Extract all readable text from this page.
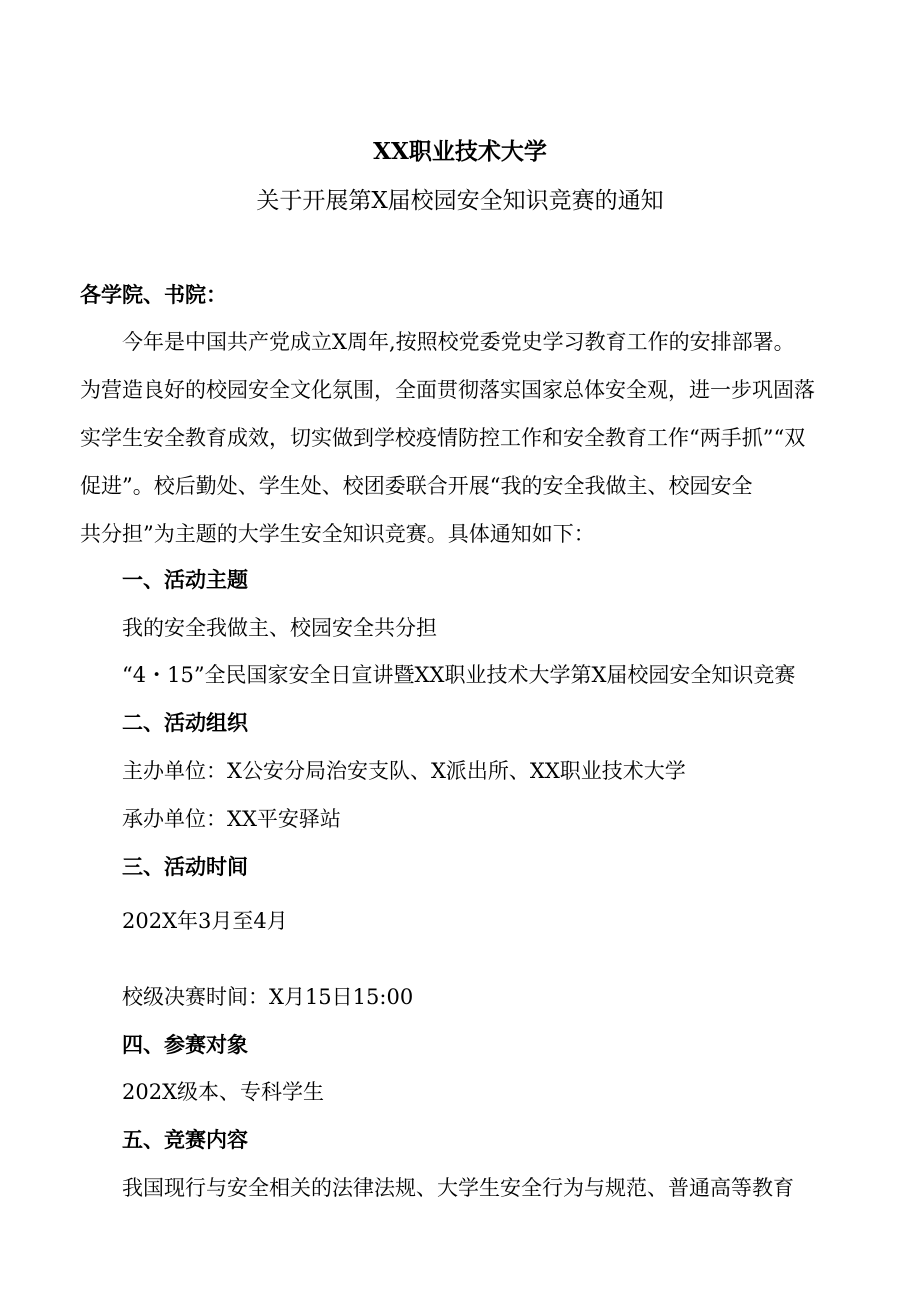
XX职业技术大学
关于开展第X届校园安全知识竞赛的通知
各学院、书院：
今年是中国共产党成立X周年,按照校党委党史学习教育工作的安排部署。
为营造良好的校园安全文化氛围，全面贯彻落实国家总体安全观，进一步巩固落
实学生安全教育成效，切实做到学校疫情防控工作和安全教育工作“两手抓”“双
促进”。校后勤处、学生处、校团委联合开展“我的安全我做主、校园安全
共分担”为主题的大学生安全知识竞赛。具体通知如下：
一、活动主题
我的安全我做主、校园安全共分担
“4・15”全民国家安全日宣讲暨XX职业技术大学第X届校园安全知识竞赛
二、活动组织
主办单位：X公安分局治安支队、X派出所、XX职业技术大学
承办单位：XX平安驿站
三、活动时间
202X年3月至4月
校级决赛时间：X月15日15:00
四、参赛对象
202X级本、专科学生
五、竞赛内容
我国现行与安全相关的法律法规、大学生安全行为与规范、普通高等教育
